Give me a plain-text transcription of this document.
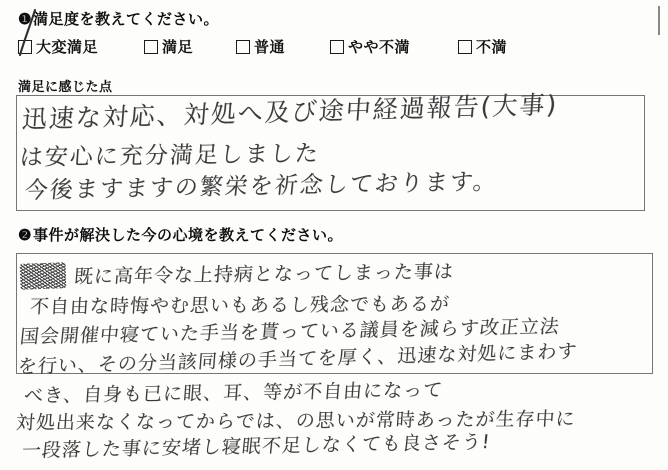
❶満足度を教えてください。
大変満足	満足	普通	やや不満	不満
満足に感じた点
迅速な対応、対処へ及び途中経過報告(大事)
は安心に充分満足しました
今後ますますの繁栄を祈念しております。
❷事件が解決した今の心境を教えてください。
既に高年令な上持病となってしまった事は
不自由な時悔やむ思いもあるし残念でもあるが
国会開催中寝ていた手当を貰っている議員を減らす改正立法
を行い、その分当該同様の手当てを厚く、迅速な対処にまわす
べき、自身も已に眼、耳、等が不自由になって
対処出来なくなってからでは、の思いが常時あったが生存中に
一段落した事に安堵し寝眠不足しなくても良さそう!
